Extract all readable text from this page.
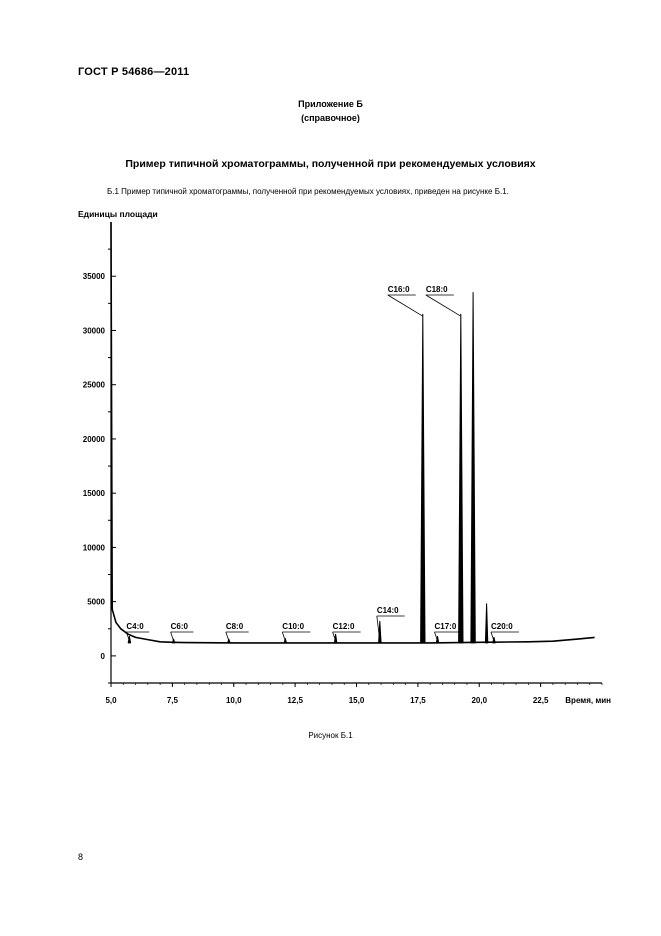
ГОСТ Р 54686—2011
Приложение Б
(справочное)
Пример типичной хроматограммы, полученной при рекомендуемых условиях
Б.1 Пример типичной хроматограммы, полученной при рекомендуемых условиях, приведен на рисунке Б.1.
0
5000
10000
15000
20000
25000
30000
35000
5,0	7,5	10,0	12,5	15,0	17,5	20,0	22,5
Единицы площади
Время, мин
С4:0	С6:0	С8:0	С10:0	С12:0
С14:0
С16:0
С17:0
С18:0
С20:0
Рисунок Б.1
8
